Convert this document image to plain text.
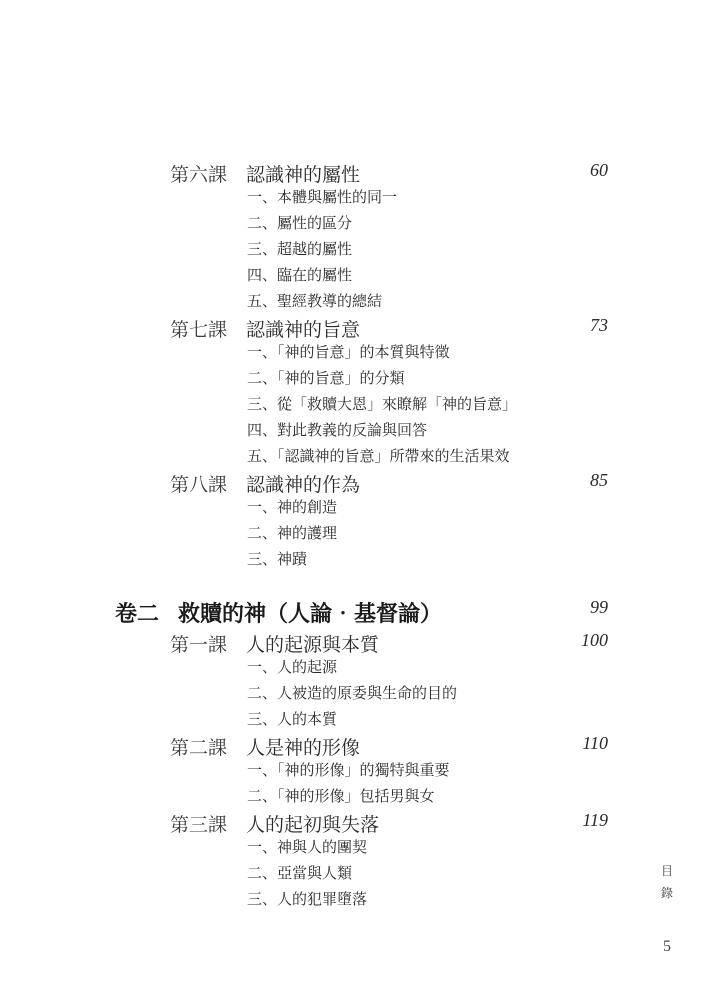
第六課 認識神的屬性	60
一、本體與屬性的同一
二、屬性的區分
三、超越的屬性
四、臨在的屬性
五、聖經教導的總結
第七課 認識神的旨意	73
一、「神的旨意」的本質與特徵
二、「神的旨意」的分類
三、從「救贖大恩」來瞭解「神的旨意」
四、對此教義的反論與回答
五、「認識神的旨意」所帶來的生活果效
第八課 認識神的作為	85
一、神的創造
二、神的護理
三、神蹟
卷二 救贖的神（人論‧基督論）	99
第一課 人的起源與本質	100
一、人的起源
二、人被造的原委與生命的目的
三、人的本質
第二課 人是神的形像	110
一、「神的形像」的獨特與重要
二、「神的形像」包括男與女
第三課 人的起初與失落	119
一、神與人的團契
二、亞當與人類
三、人的犯罪墮落
目錄
5
